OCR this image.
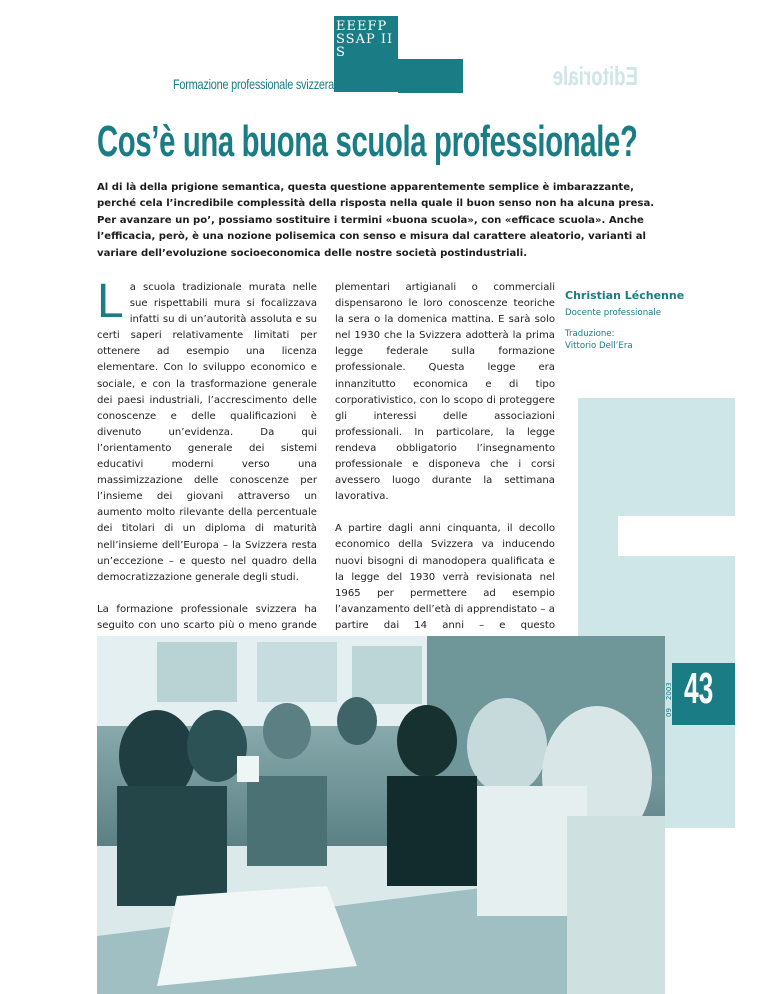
Formazione professionale svizzera
EEEFP SSAP IIS
Editoriale
Editoriale
Cos’è una buona scuola professionale?

Al di là della prigione semantica, questa questione apparentemente semplice è imbarazzante, perché cela l’incredibile complessità della risposta nella quale il buon senso non ha alcuna presa. Per avanzare un po’, possiamo sostituire i termini «buona scuola», con «efficace scuola». Anche l’efficacia, però, è una nozione polisemica con senso e misura dal carattere aleatorio, varianti al variare dell’evoluzione socioeconomica delle nostre società postindustriali.

La scuola tradizionale murata nelle sue rispettabili mura si focalizzava infatti su di un’autorità assoluta e su certi saperi relativamente limitati per ottenere ad esempio una licenza elementare. Con lo sviluppo economico e sociale, e con la trasformazione generale dei paesi industriali, l’accrescimento delle conoscenze e delle qualificazioni è divenuto un’evidenza. Da qui l’orientamento generale dei sistemi educativi moderni verso una massimizzazione delle conoscenze per l’insieme dei giovani attraverso un aumento molto rilevante della percentuale dei titolari di un diploma di maturità nell’insieme dell’Europa – la Svizzera resta un’eccezione – e questo nel quadro della democratizzazione generale degli studi.

La formazione professionale svizzera ha seguito con uno scarto più o meno grande

plementari artigianali o commerciali dispensarono le loro conoscenze teoriche la sera o la domenica mattina. E sarà solo nel 1930 che la Svizzera adotterà la prima legge federale sulla formazione professionale. Questa legge era innanzitutto economica e di tipo corporativistico, con lo scopo di proteggere gli interessi delle associazioni professionali. In particolare, la legge rendeva obbligatorio l’insegnamento professionale e disponeva che i corsi avessero luogo durante la settimana lavorativa.

A partire dagli anni cinquanta, il decollo economico della Svizzera va inducendo nuovi bisogni di manodopera qualificata e la legge del 1930 verrà revisionata nel 1965 per permettere ad esempio l’avanzamento dell’età di apprendistato – a partire dai 14 anni – e questo

Christian Léchenne
Docente professionale
Traduzione:
Vittorio Dell’Era
43
092003
